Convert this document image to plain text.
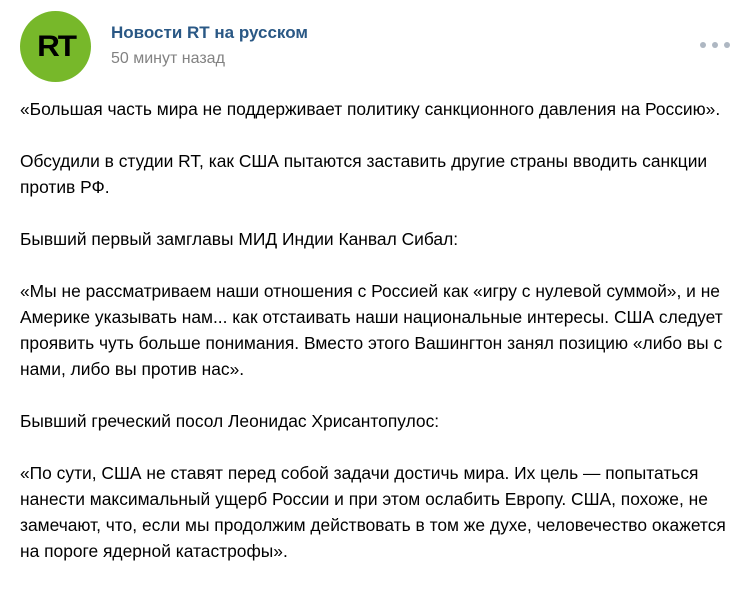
RT Новости RT на русском
50 минут назад

«Большая часть мира не поддерживает политику санкционного давления на Россию».

Обсудили в студии RT, как США пытаются заставить другие страны вводить санкции против РФ.

Бывший первый замглавы МИД Индии Канвал Сибал:

«Мы не рассматриваем наши отношения с Россией как «игру с нулевой суммой», и не Америке указывать нам... как отстаивать наши национальные интересы. США следует проявить чуть больше понимания. Вместо этого Вашингтон занял позицию «либо вы с нами, либо вы против нас».

Бывший греческий посол Леонидас Хрисантопулос:

«По сути, США не ставят перед собой задачи достичь мира. Их цель — попытаться нанести максимальный ущерб России и при этом ослабить Европу. США, похоже, не замечают, что, если мы продолжим действовать в том же духе, человечество окажется на пороге ядерной катастрофы».
